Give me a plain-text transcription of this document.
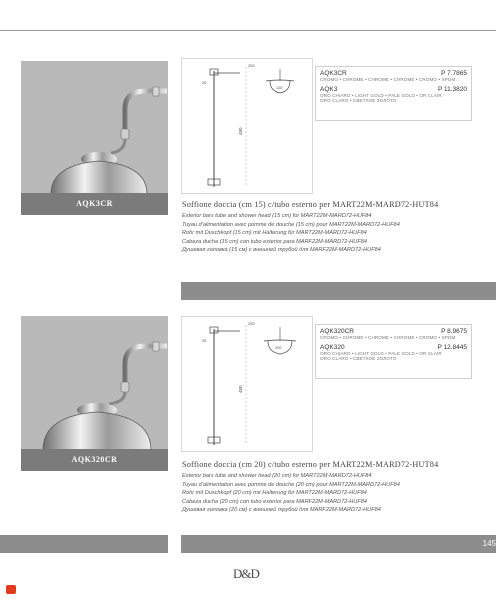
AQK3CR
250
480
26
125
AQK3CR	P 7.7865
CROMO • CHROME • CHROME • CHROME • CROMO • ХРОМ
AQK3	P 11.3820
ORO CHIARO • LIGHT GOLD • PALE GOLD • OR CLAIR
ORO CLARO • СВЕТЛОЕ ЗОЛОТО
Soffione doccia (cm 15) c/tubo esterno per MART22M-MARD72-HUT84
Exterior bars tube and shower head (15 cm) for MART22M-MARD72-HUF84
Tuyau d'alimentation avec pomme de douche (15 cm) pour MART22M-MARD72-HUF84
Rohr mit Duschkopf (15 cm) mit Halterung für MART22M-MARD72-HUF84
Cabeza ducha (15 cm) con tubo exterior para MARF22M-MARD72-HUF84
Душевая головка (15 см) с внешней трубой для MARF22M-MARD72-HUF84
AQK320CR
250
480
26
200
AQK320CR	P 8.9675
CROMO • CHROME • CHROME • CHROME • CROMO • ХРОМ
AQK320	P 12.8445
ORO CHIARO • LIGHT GOLD • PALE GOLD • OR CLAIR
ORO CLARO • СВЕТЛОЕ ЗОЛОТО
Soffione doccia (cm 20) c/tubo esterno per MART22M-MARD72-HUT84
Exterior bars tube and shower head (20 cm) for MART22M-MARD72-HUF84
Tuyau d'alimentation avec pomme de douche (20 cm) pour MART22M-MARD72-HUF84
Rohr mit Duschkopf (20 cm) mit Halterung für MART22M-MARD72-HUF84
Cabeza ducha (20 cm) con tubo exterior para MARF22M-MARD72-HUF84
Душевая головка (20 см) с внешней трубой для MARF22M-MARD72-HUF84
145
D&D
